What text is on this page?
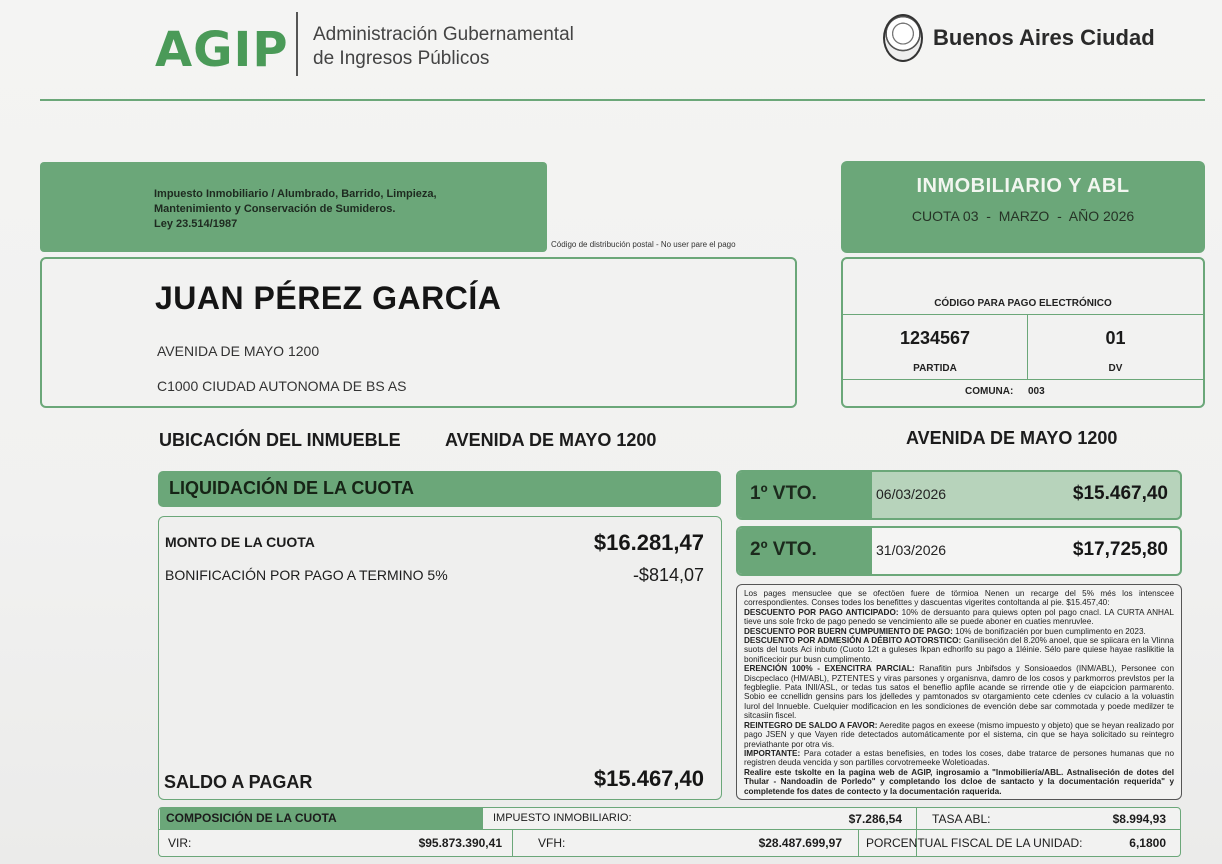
AGIP Administración Gubernamental
de Ingresos Públicos
Buenos Aires Ciudad
Impuesto Inmobiliario / Alumbrado, Barrido, Limpieza,
Mantenimiento y Conservación de Sumideros.
Ley 23.514/1987
Código de distribución postal - No user pare el pago
JUAN PÉREZ GARCÍA
AVENIDA DE MAYO 1200
C1000 CIUDAD AUTONOMA DE BS AS
INMOBILIARIO Y ABL
CUOTA 03 - MARZO - AÑO 2026
CÓDIGO PARA PAGO ELECTRÓNICO
1234567
PARTIDA
01
DV
COMUNA: 003
UBICACIÓN DEL INMUEBLE AVENIDA DE MAYO 1200	AVENIDA DE MAYO 1200
LIQUIDACIÓN DE LA CUOTA
MONTO DE LA CUOTA	$16.281,47
BONIFICACIÓN POR PAGO A TERMINO 5%	-$814,07
SALDO A PAGAR	$15.467,40
1º VTO.	06/03/2026	$15.467,40
2º VTO.	31/03/2026	$17,725,80

Los pages mensuclee que se ofectöen fuere de törmioa Nenen un recarge del 5% més los intenscee correspondientes. Conses todes los benefittes y dascuentas vigerites contoltanda al pie. $15.457,40:

DESCUENTO POR PAGO ANTICIPADO: 10% de dersuanto para quiews opten pol pago cnacl. LA CURTA ANHAL tieve uns sole frcko de pago penedo se vencimiento alle se puede aboner en cuaties menruvlee.

DESCUENTO POR BUERN CUMPUMIENTO DE PAGO: 10% de bonifizacién por buen cumplimento en 2023.

DESCUENTO POR ADMESIÓN A DÉBITO AOTORSTICO: Ganiliseción del 8.20% anoel, que se spiicara en la Vlinna suots del tuots Aci inbuto (Cuoto 12t a guleses Ikpan edhorlfo su pago a 1léinie. Sélo pare quiese hayae raslikitie la bonificecioir pur busn cumplimento.

ERENCIÓN 100% - EXENCITRA PARCIAL: Ranafitin purs Jnbifsdos y Sonsioaedos (INM/ABL), Personee con Discpeclaco (HM/ABL), PZTENTES y viras parsones y organisnva, damro de los cosos y parkmorros prevlstos per la fegbleglie. Pata INIl/ASL, or tedas tus satos el beneflio apfile acande se rirrende otie y de eiapcicion parmarento. Sobio ee ccnellidn gensins pars los jdelledes y pamtonados sv otargamiento cete cdenles cv culacio a la voluastin Iurol del Innueble. Cuelquier modificacion en les sondiciones de evención debe sar commotada y poede medilzer te sitcasiin fiscel.

REINTEGRO DE SALDO A FAVOR: Aeredite pagos en exeese (mismo impuesto y objeto) que se heyan realizado por pago JSEN y que Vayen ride detectados automáticamente por el sistema, cin que se haya solicitado su reintegro previathante por otra vis.

IMPORTANTE: Para cotader a estas benefisies, en todes los coses, dabe tratarce de persones humanas que no registren deuda vencida y son partilles corvotremeeke Woletioadas.

Realire este tskolte en la pagina web de AGIP, ingrosamio a "Inmobiliería/ABL. Astnaliseción de dotes del Thular - Nandoadin de Porledo" y completando los dcloe de santacto y la documentación requerida" y completende fos dates de contecto y la documentación raquerida.

COMPOSICIÓN DE LA CUOTA	IMPUESTO INMOBILIARIO:	$7.286,54	TASA ABL:	$8.994,93
VIR:	$95.873.390,41	VFH:	$28.487.699,97 PORCENTUAL FISCAL DE LA UNIDAD:	6,1800
